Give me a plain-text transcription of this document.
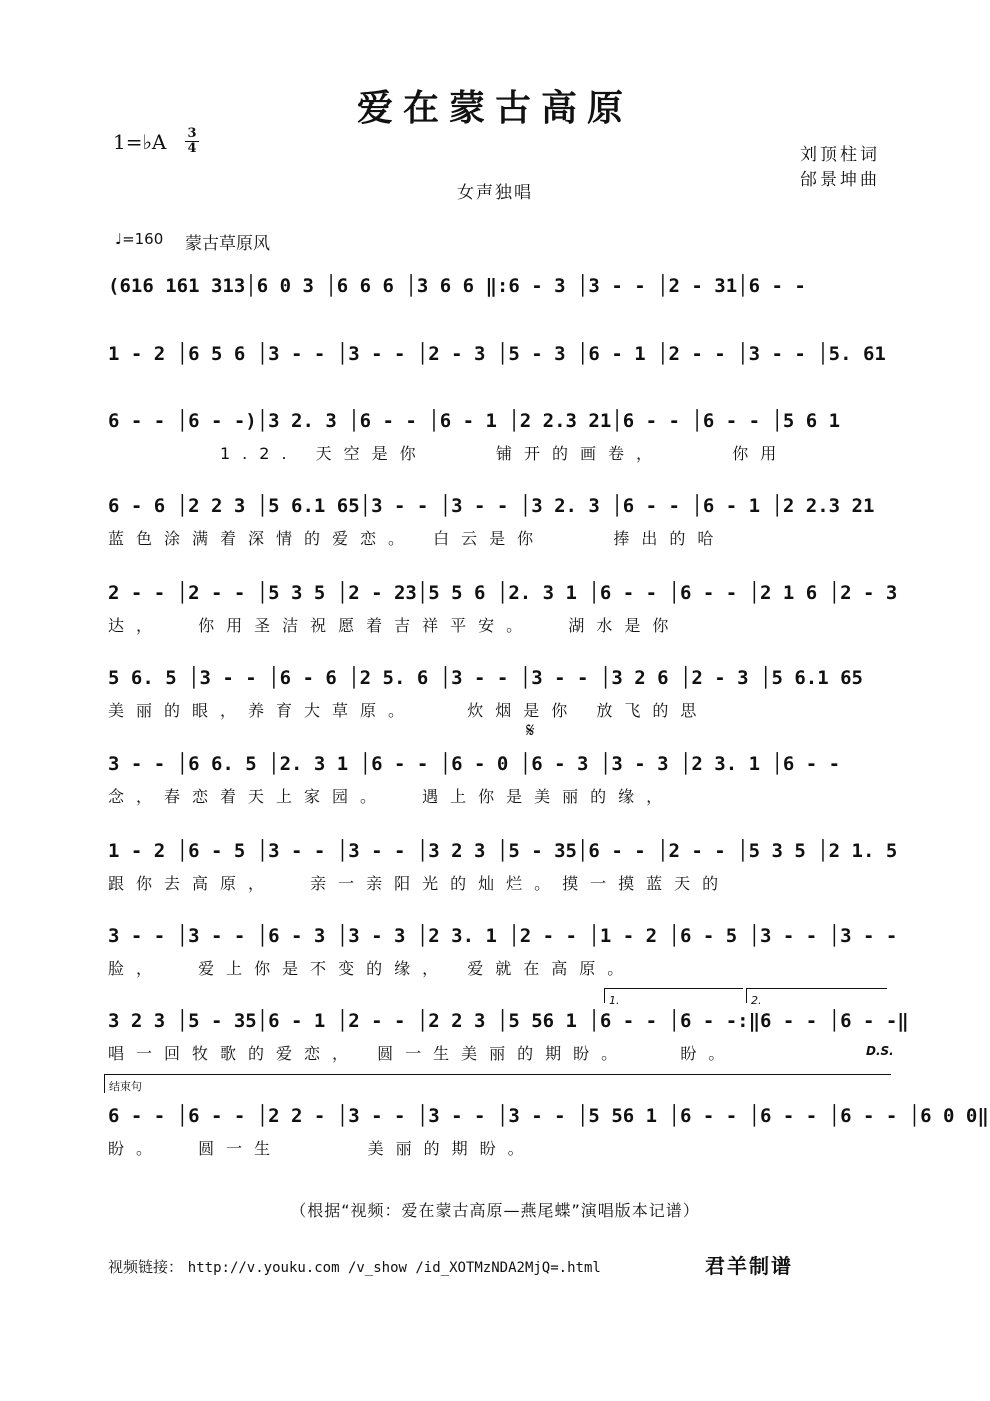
爱在蒙古高原
1=♭A 3
4	刘顶柱词
邰景坤曲
女声独唱
♩=160 蒙古草原风
(616 161 313│6 0 3 │6 6 6 │3 6 6 ‖:6 - 3 │3 - - │2 - 31│6 - -
1 - 2 │6 5 6 │3 - - │3 - - │2 - 3 │5 - 3 │6 - 1 │2 - - │3 - - │5. 61
6 - - │6 - -)│3 2. 3 │6 - - │6 - 1 │2 2.3 21│6 - - │6 - - │5 6 1
1.2. 天空是你    铺开的画卷，    你用
6 - 6 │2 2 3 │5 6.1 65│3 - - │3 - - │3 2. 3 │6 - - │6 - 1 │2 2.3 21
蓝色涂满着深情的爱恋。 白云是你    捧出的哈
2 - - │2 - - │5 3 5 │2 - 23│5 5 6 │2. 3 1 │6 - - │6 - - │2 1 6 │2 - 3
达，  你用圣洁祝愿着吉祥平安。  湖水是你
5 6. 5 │3 - - │6 - 6 │2 5. 6 │3 - - │3 - - │3 2 6 │2 - 3 │5 6.1 65
美丽的眼，养育大草原。   炊烟是你 放飞的思
𝄋
3 - - │6 6. 5 │2. 3 1 │6 - - │6 - 0 │6 - 3 │3 - 3 │2 3. 1 │6 - -
念，春恋着天上家园。  遇上你是美丽的缘，
1 - 2 │6 - 5 │3 - - │3 - - │3 2 3 │5 - 35│6 - - │2 - - │5 3 5 │2 1. 5
跟你去高原，  亲一亲阳光的灿烂。摸一摸蓝天的
3 - - │3 - - │6 - 3 │3 - 3 │2 3. 1 │2 - - │1 - 2 │6 - 5 │3 - - │3 - -
脸，  爱上你是不变的缘， 爱就在高原。
1.	2.
3 2 3 │5 - 35│6 - 1 │2 - - │2 2 3 │5 56 1 │6 - - │6 - -:‖6 - - │6 - -‖
唱一回牧歌的爱恋， 圆一生美丽的期盼。   盼。	D.S.
结束句
6 - - │6 - - │2 2 - │3 - - │3 - - │3 - - │5 56 1 │6 - - │6 - - │6 - - │6 0 0‖
盼。  圆一生     美丽的期盼。
（根据“视频：爱在蒙古高原—燕尾蝶”演唱版本记谱）
视频链接： http://v.youku.com /v_show /id_XOTMzNDA2MjQ=.html	君羊制谱
